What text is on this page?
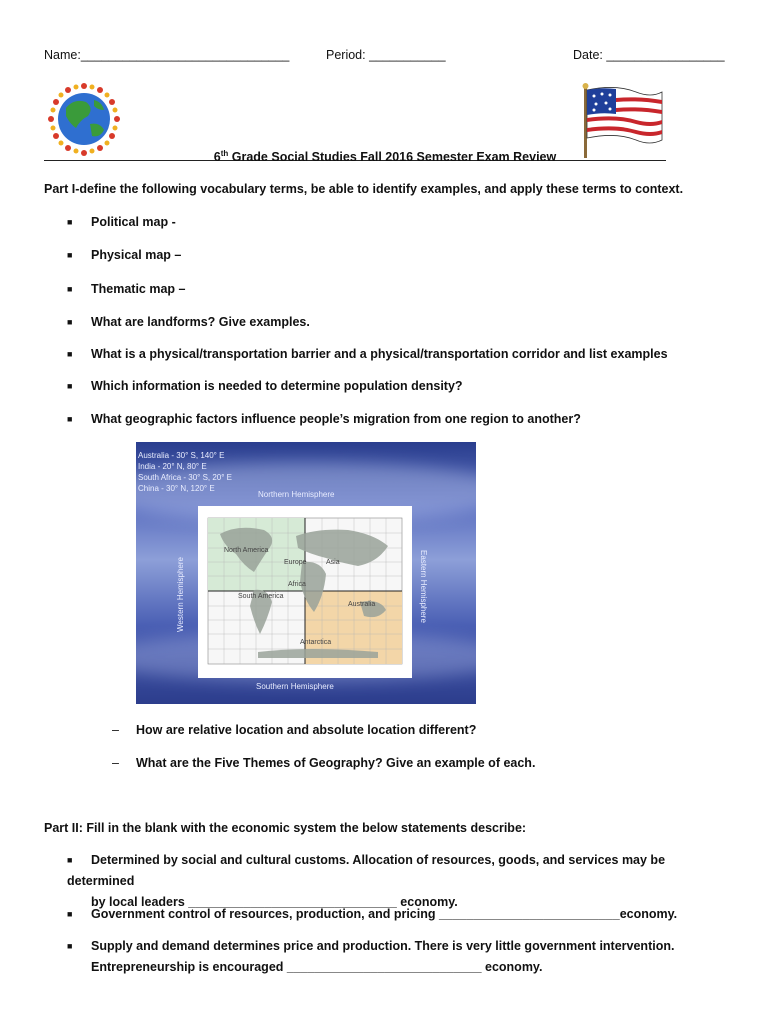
Name:______________________________	Period: ___________	Date: _________________
6th Grade Social Studies Fall 2016 Semester Exam Review
Part I-define the following vocabulary terms, be able to identify examples, and apply these terms to context.
■ Political map -
■ Physical map –
■ Thematic map –
■ What are landforms? Give examples.
■ What is a physical/transportation barrier and a physical/transportation corridor and list examples
■ Which information is needed to determine population density?
■ What geographic factors influence people’s migration from one region to another?
Australia - 30° S, 140° E
India - 20° N, 80° E
South Africa - 30° S, 20° E
China - 30° N, 120° E
Northern Hemisphere
Southern Hemisphere
Western Hemisphere	Eastern Hemisphere
North America
Europe	Asia
Africa
South America
Australia
Antarctica
– How are relative location and absolute location different?
– What are the Five Themes of Geography? Give an example of each.
Part II: Fill in the blank with the economic system the below statements describe:
■ Determined by social and cultural customs. Allocation of resources, goods, and services may be determined
by local leaders ______________________________ economy.
■ Government control of resources, production, and pricing __________________________economy.
■ Supply and demand determines price and production. There is very little government intervention.
Entrepreneurship is encouraged ____________________________ economy.
